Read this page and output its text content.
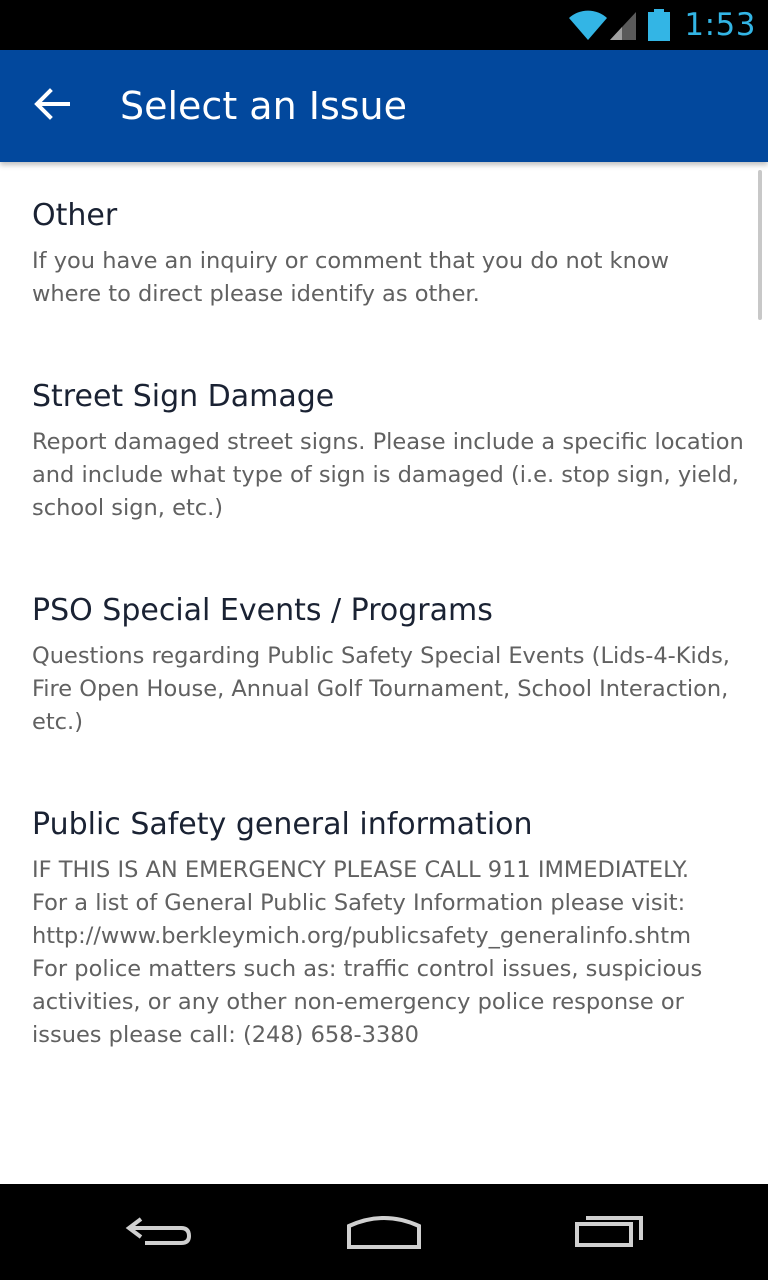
1:53
Select an Issue
Other
If you have an inquiry or comment that you do not know
where to direct please identify as other.
Street Sign Damage
Report damaged street signs. Please include a specific location
and include what type of sign is damaged (i.e. stop sign, yield,
school sign, etc.)
PSO Special Events / Programs
Questions regarding Public Safety Special Events (Lids-4-Kids,
Fire Open House, Annual Golf Tournament, School Interaction,
etc.)
Public Safety general information
IF THIS IS AN EMERGENCY PLEASE CALL 911 IMMEDIATELY.
For a list of General Public Safety Information please visit:
http://www.berkleymich.org/publicsafety_generalinfo.shtm
For police matters such as: traffic control issues, suspicious
activities, or any other non-emergency police response or
issues please call: (248) 658-3380
